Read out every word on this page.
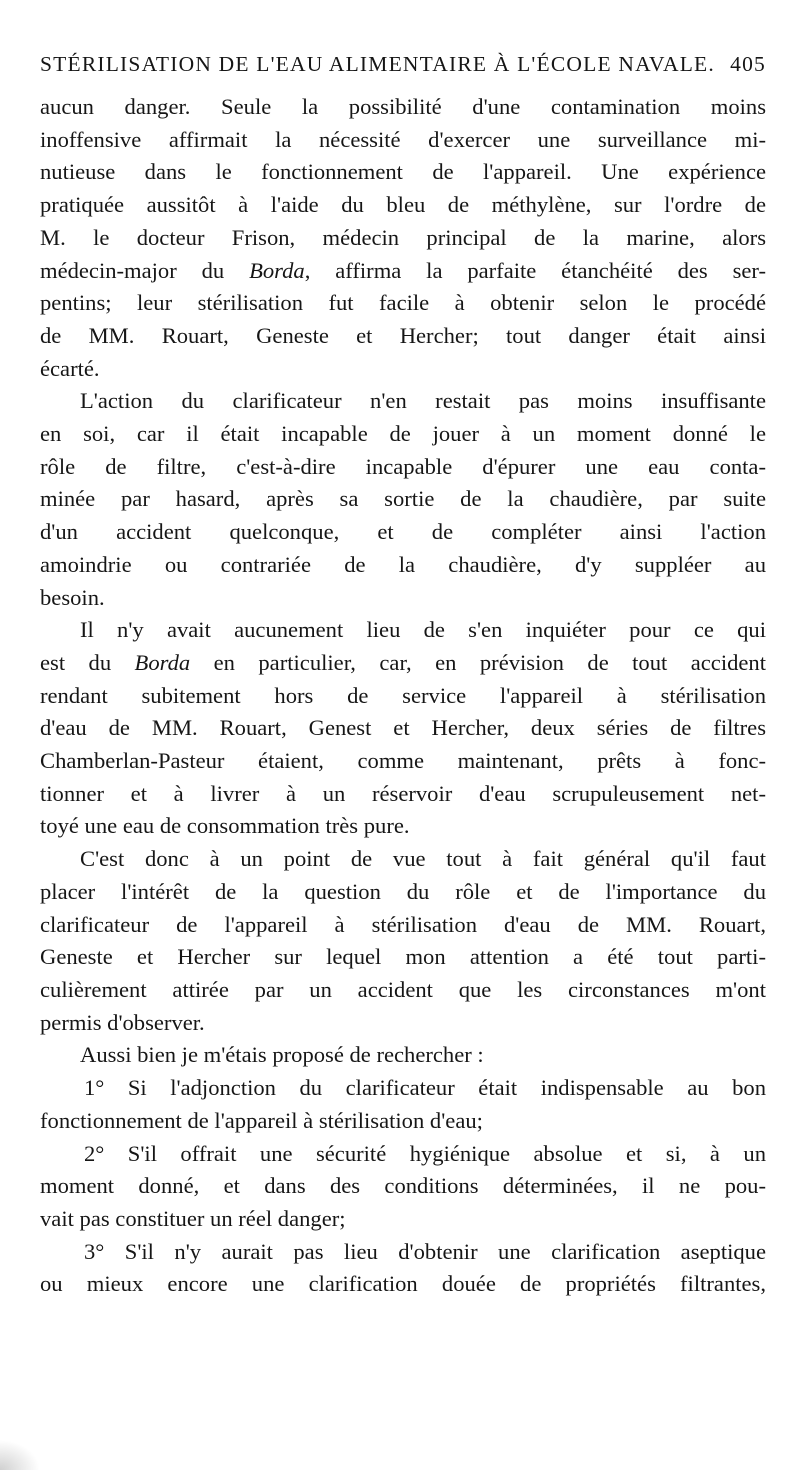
STÉRILISATION DE L'EAU ALIMENTAIRE À L'ÉCOLE NAVALE. 405
aucun danger. Seule la possibilité d'une contamination moins
inoffensive affirmait la nécessité d'exercer une surveillance mi-
nutieuse dans le fonctionnement de l'appareil. Une expérience
pratiquée aussitôt à l'aide du bleu de méthylène, sur l'ordre de
M. le docteur Frison, médecin principal de la marine, alors
médecin-major du Borda, affirma la parfaite étanchéité des ser-
pentins; leur stérilisation fut facile à obtenir selon le procédé
de MM. Rouart, Geneste et Hercher; tout danger était ainsi
écarté.
L'action du clarificateur n'en restait pas moins insuffisante
en soi, car il était incapable de jouer à un moment donné le
rôle de filtre, c'est-à-dire incapable d'épurer une eau conta-
minée par hasard, après sa sortie de la chaudière, par suite
d'un accident quelconque, et de compléter ainsi l'action
amoindrie ou contrariée de la chaudière, d'y suppléer au
besoin.
Il n'y avait aucunement lieu de s'en inquiéter pour ce qui
est du Borda en particulier, car, en prévision de tout accident
rendant subitement hors de service l'appareil à stérilisation
d'eau de MM. Rouart, Genest et Hercher, deux séries de filtres
Chamberlan-Pasteur étaient, comme maintenant, prêts à fonc-
tionner et à livrer à un réservoir d'eau scrupuleusement net-
toyé une eau de consommation très pure.
C'est donc à un point de vue tout à fait général qu'il faut
placer l'intérêt de la question du rôle et de l'importance du
clarificateur de l'appareil à stérilisation d'eau de MM. Rouart,
Geneste et Hercher sur lequel mon attention a été tout parti-
culièrement attirée par un accident que les circonstances m'ont
permis d'observer.
Aussi bien je m'étais proposé de rechercher :
1° Si l'adjonction du clarificateur était indispensable au bon
fonctionnement de l'appareil à stérilisation d'eau;
2° S'il offrait une sécurité hygiénique absolue et si, à un
moment donné, et dans des conditions déterminées, il ne pou-
vait pas constituer un réel danger;
3° S'il n'y aurait pas lieu d'obtenir une clarification aseptique
ou mieux encore une clarification douée de propriétés filtrantes,
